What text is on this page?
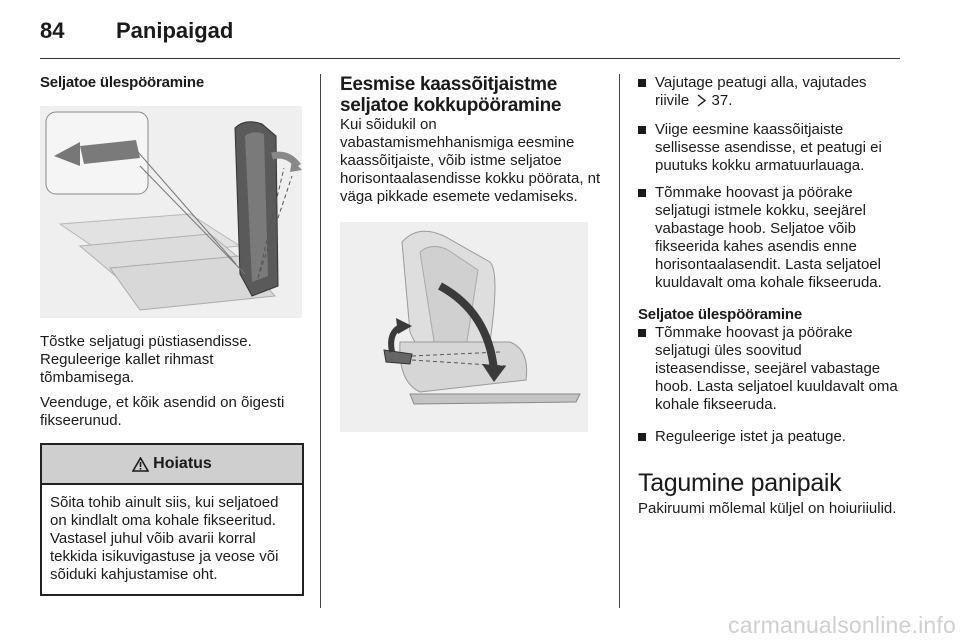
84 Panipaigad
Seljatoe ülespööramine
Tõstke seljatugi püstiasendisse. Reguleerige kallet rihmast tõmbamisega.
Veenduge, et kõik asendid on õigesti fikseerunud.
Hoiatus
Sõita tohib ainult siis, kui seljatoed on kindlalt oma kohale fikseeritud. Vastasel juhul võib avarii korral tekkida isikuvigastuse ja veose või sõiduki kahjustamise oht.
Eesmise kaassõitjaistme
seljatoe kokkupööramine
Kui sõidukil on vabastamismehhanismiga eesmine kaassõitjaiste, võib istme seljatoe horisontaalasendisse kokku pöörata, nt väga pikkade esemete vedamiseks.
Vajutage peatugi alla, vajutades riivile 37.
Viige eesmine kaassõitjaiste sellisesse asendisse, et peatugi ei puutuks kokku armatuurlauaga.
Tõmmake hoovast ja pöörake seljatugi istmele kokku, seejärel vabastage hoob. Seljatoe võib fikseerida kahes asendis enne horisontaalasendit. Lasta seljatoel kuuldavalt oma kohale fikseeruda.
Seljatoe ülespööramine
Tõmmake hoovast ja pöörake seljatugi üles soovitud isteasendisse, seejärel vabastage hoob. Lasta seljatoel kuuldavalt oma kohale fikseeruda.
Reguleerige istet ja peatuge.
Tagumine panipaik
Pakiruumi mõlemal küljel on hoiuriiulid.
carmanualsonline.info
